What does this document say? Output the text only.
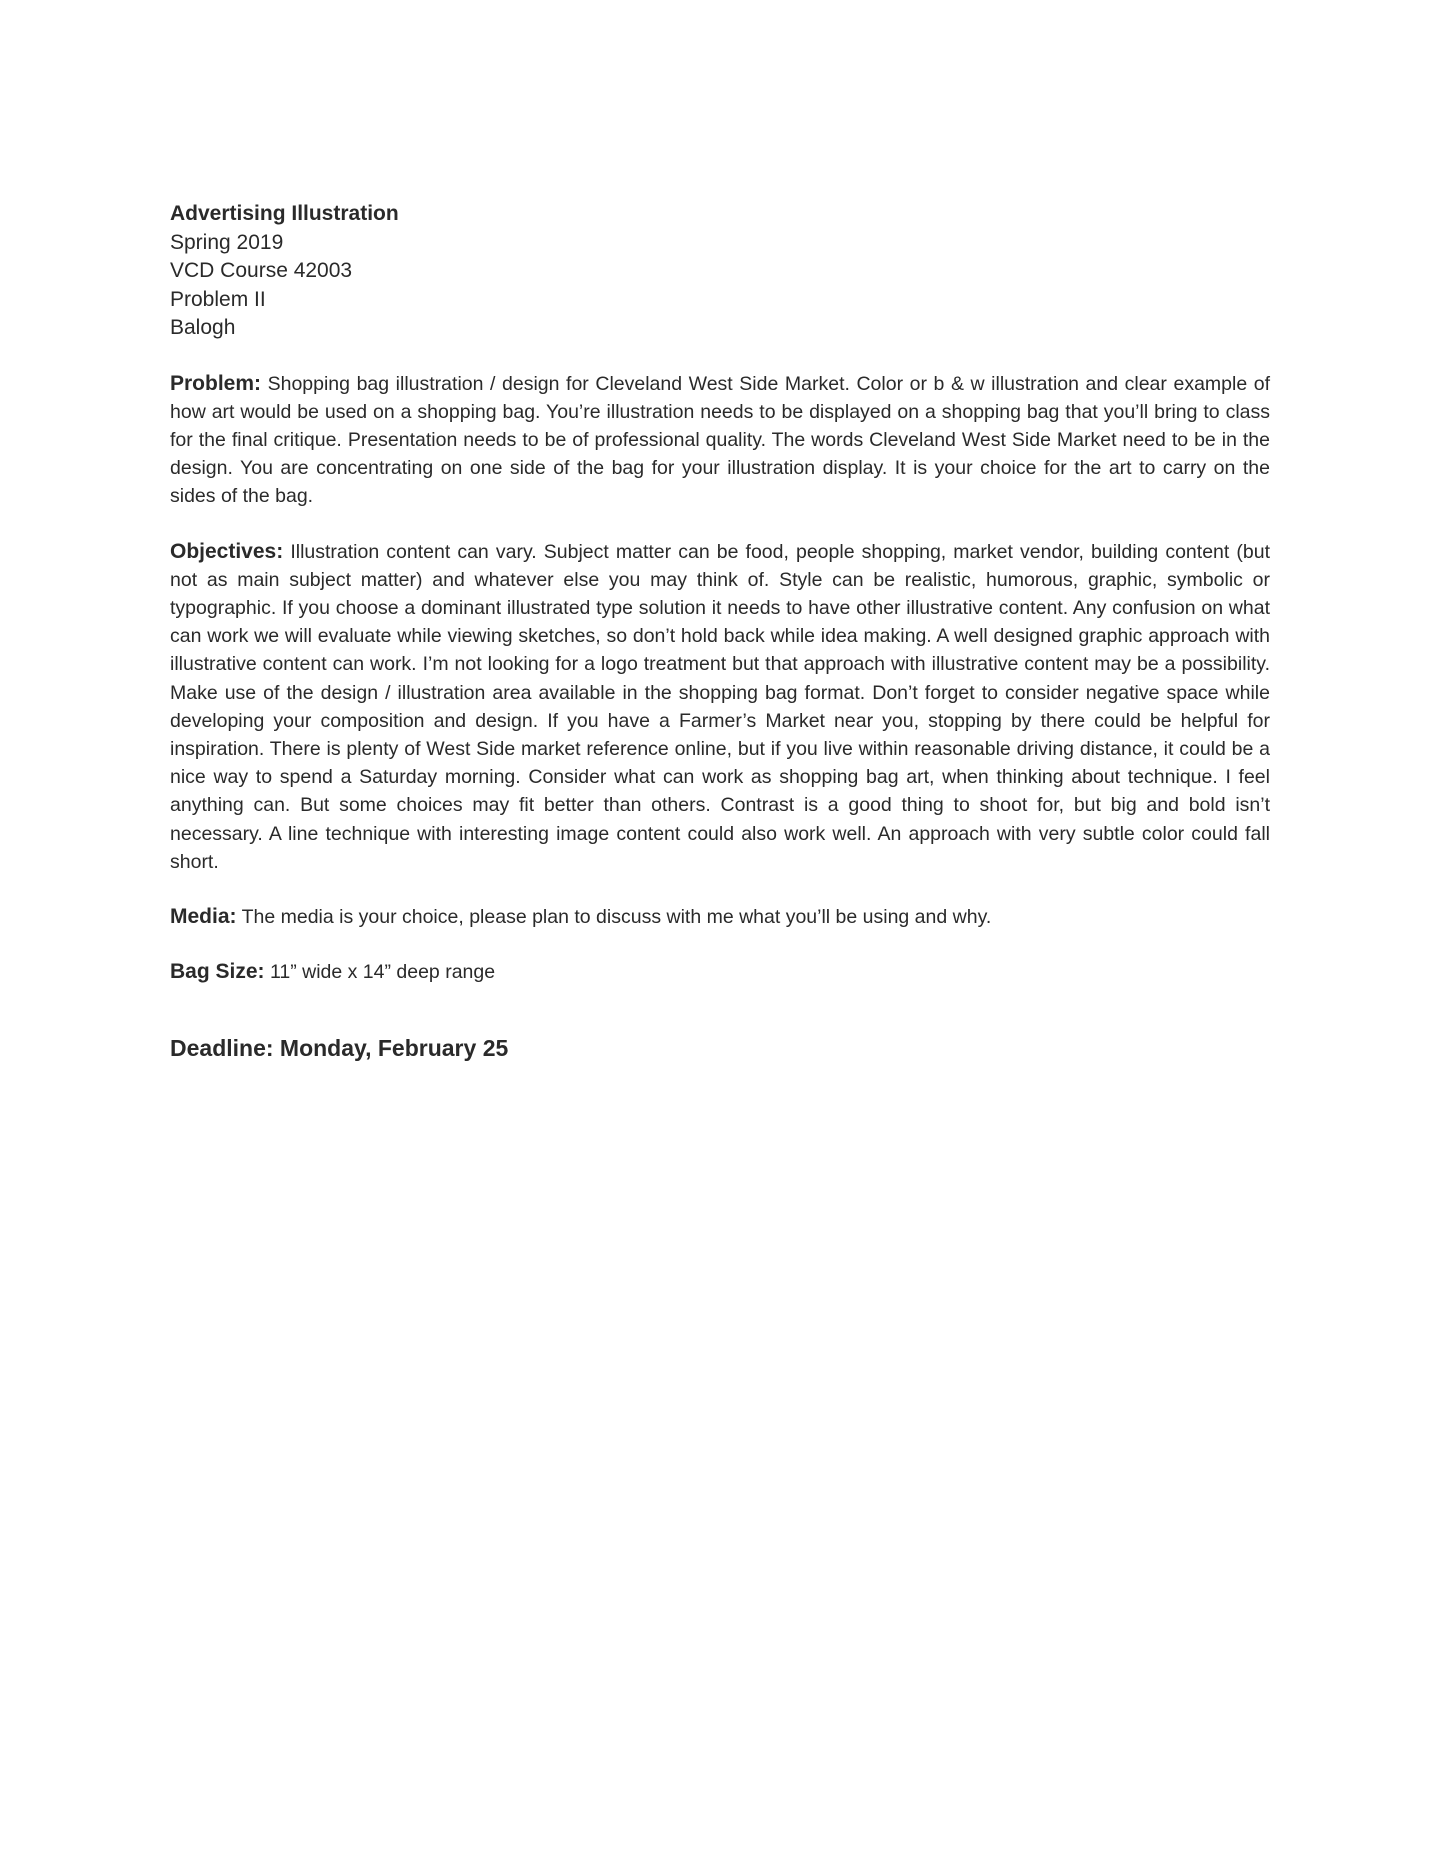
Advertising Illustration
Spring 2019
VCD Course 42003
Problem II
Balogh

Problem: Shopping bag illustration / design for Cleveland West Side Market. Color or b & w illustration and clear example of how art would be used on a shopping bag. You’re illustration needs to be displayed on a shopping bag that you’ll bring to class for the final critique. Presentation needs to be of professional quality. The words Cleveland West Side Market need to be in the design. You are concentrating on one side of the bag for your illustration display. It is your choice for the art to carry on the sides of the bag.

Objectives: Illustration content can vary. Subject matter can be food, people shopping, market vendor, building content (but not as main subject matter) and whatever else you may think of. Style can be realistic, humorous, graphic, symbolic or typographic. If you choose a dominant illustrated type solution it needs to have other illustrative content. Any confusion on what can work we will evaluate while viewing sketches, so don’t hold back while idea making. A well designed graphic approach with illustrative content can work. I’m not looking for a logo treatment but that approach with illustrative content may be a possibility. Make use of the design / illustration area available in the shopping bag format. Don’t forget to consider negative space while developing your composition and design. If you have a Farmer’s Market near you, stopping by there could be helpful for inspiration. There is plenty of West Side market reference online, but if you live within reasonable driving distance, it could be a nice way to spend a Saturday morning. Consider what can work as shopping bag art, when thinking about technique. I feel anything can. But some choices may fit better than others. Contrast is a good thing to shoot for, but big and bold isn’t necessary. A line technique with interesting image content could also work well. An approach with very subtle color could fall short.

Media: The media is your choice, please plan to discuss with me what you’ll be using and why.

Bag Size: 11” wide x 14” deep range

Deadline: Monday, February 25
